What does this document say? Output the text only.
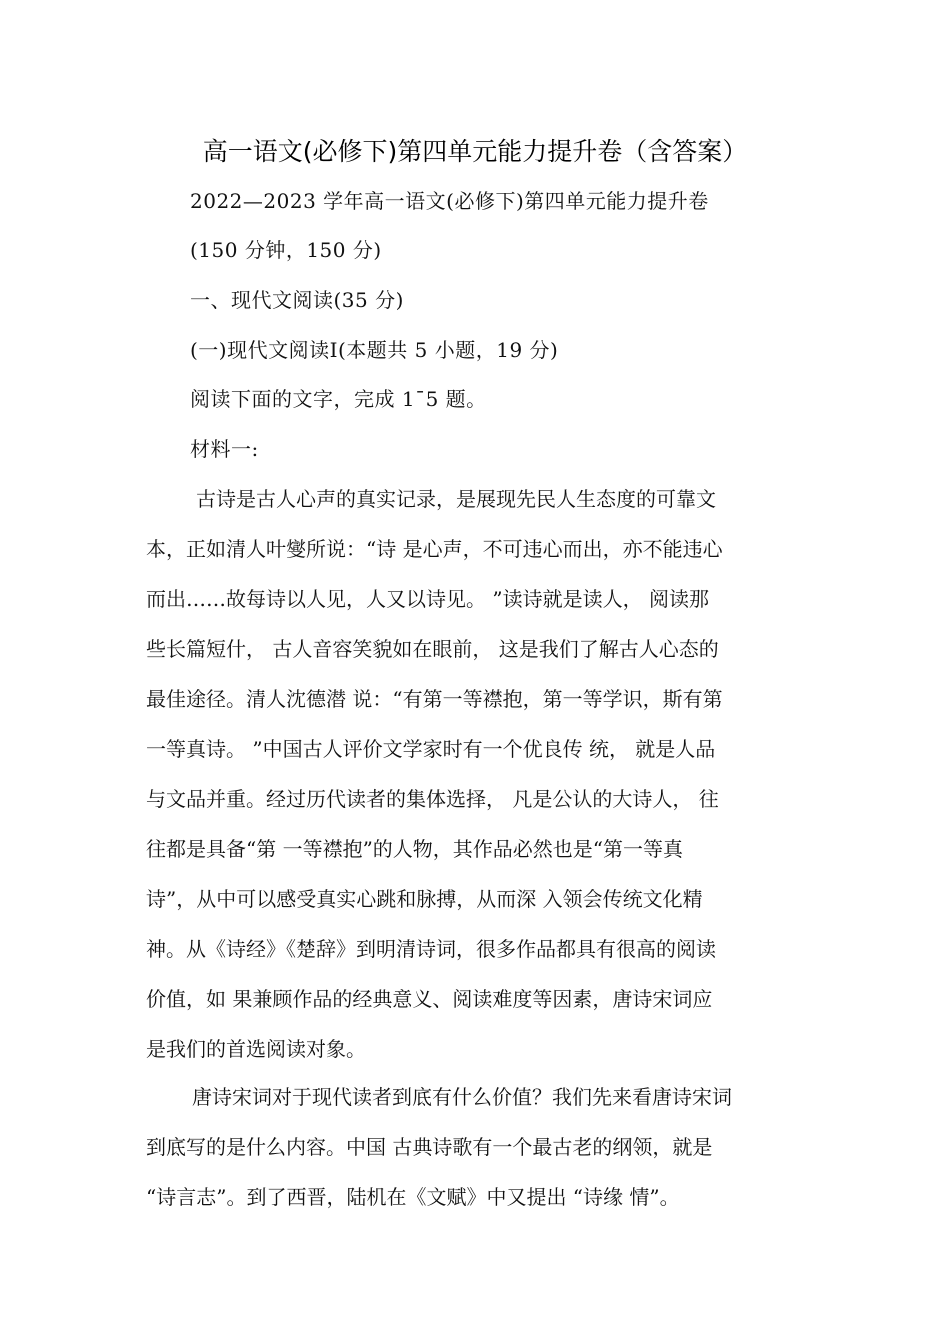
高一语文(必修下)第四单元能力提升卷（含答案）
2022—2023 学年高一语文(必修下)第四单元能力提升卷
(150 分钟，150 分)
一、现代文阅读(35 分)
(一)现代文阅读Ⅰ(本题共 5 小题，19 分)
阅读下面的文字，完成 1¯5 题。
材料一:
古诗是古人心声的真实记录，是展现先民人生态度的可靠文
本，正如清人叶燮所说：“诗 是心声，不可违心而出，亦不能违心
而出……故每诗以人见，人又以诗见。 ”读诗就是读人， 阅读那
些长篇短什， 古人音容笑貌如在眼前， 这是我们了解古人心态的
最佳途径。清人沈德潜 说：“有第一等襟抱，第一等学识，斯有第
一等真诗。 ”中国古人评价文学家时有一个优良传 统， 就是人品
与文品并重。经过历代读者的集体选择， 凡是公认的大诗人， 往
往都是具备“第 一等襟抱”的人物，其作品必然也是“第一等真
诗”，从中可以感受真实心跳和脉搏，从而深 入领会传统文化精
神。从《诗经》《楚辞》到明清诗词，很多作品都具有很高的阅读
价值，如 果兼顾作品的经典意义、阅读难度等因素，唐诗宋词应
是我们的首选阅读对象。
唐诗宋词对于现代读者到底有什么价值？我们先来看唐诗宋词
到底写的是什么内容。中国 古典诗歌有一个最古老的纲领，就是
“诗言志”。到了西晋，陆机在《文赋》中又提出 “诗缘 情”。
